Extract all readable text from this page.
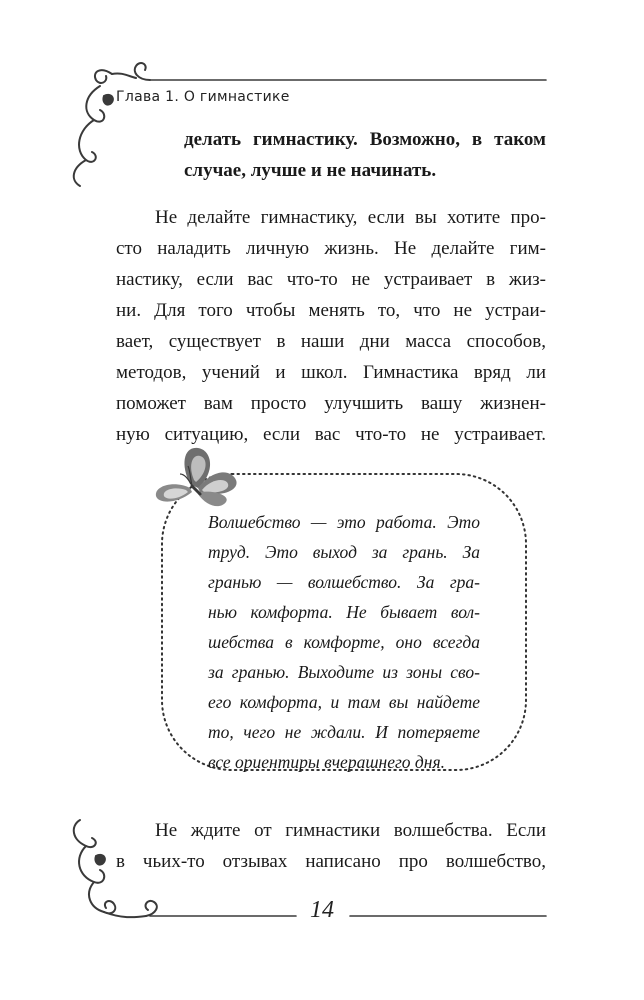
Глава 1. О гимнастике
делать гимнастику. Возможно, в таком
случае, лучше и не начинать.
Не делайте гимнастику, если вы хотите про-
сто наладить личную жизнь. Не делайте гим-
настику, если вас что-то не устраивает в жиз-
ни. Для того чтобы менять то, что не устраи-
вает, существует в наши дни масса способов,
методов, учений и школ. Гимнастика вряд ли
поможет вам просто улучшить вашу жизнен-
ную ситуацию, если вас что-то не устраивает.
Волшебство — это работа. Это
труд. Это выход за грань. За
гранью — волшебство. За гра-
нью комфорта. Не бывает вол-
шебства в комфорте, оно всегда
за гранью. Выходите из зоны сво-
его комфорта, и там вы найдете
то, чего не ждали. И потеряете
все ориентиры вчерашнего дня.
Не ждите от гимнастики волшебства. Если
в чьих-то отзывах написано про волшебство,
14
